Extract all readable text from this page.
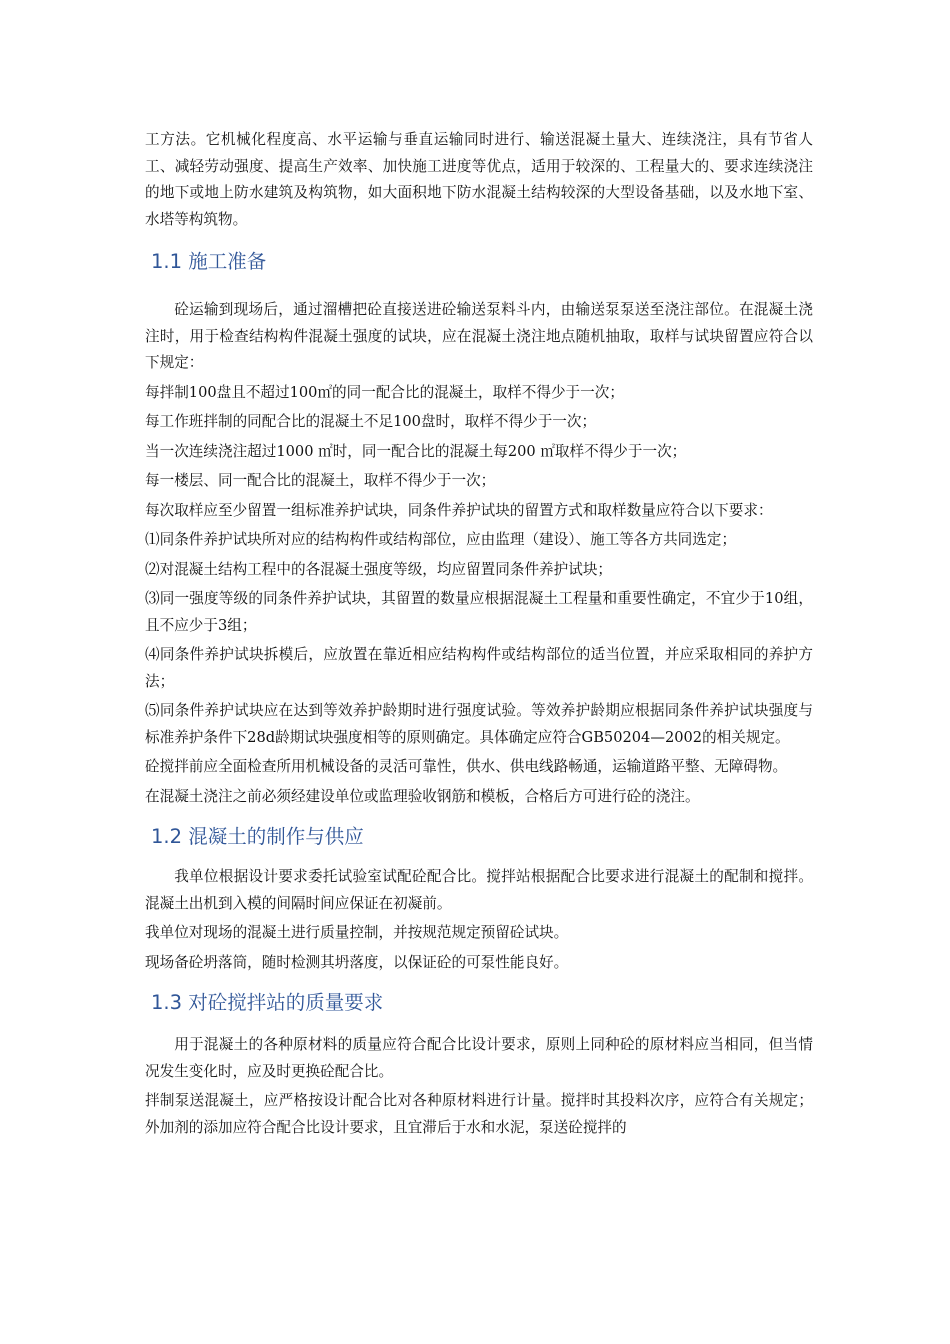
工方法。它机械化程度高、水平运输与垂直运输同时进行、输送混凝土量大、连续浇注，具有节省人工、减轻劳动强度、提高生产效率、加快施工进度等优点，适用于较深的、工程量大的、要求连续浇注的地下或地上防水建筑及构筑物，如大面积地下防水混凝土结构较深的大型设备基础，以及水地下室、水塔等构筑物。

1.1 施工准备

砼运输到现场后，通过溜槽把砼直接送进砼输送泵料斗内，由输送泵泵送至浇注部位。在混凝土浇注时，用于检查结构构件混凝土强度的试块，应在混凝土浇注地点随机抽取，取样与试块留置应符合以下规定：

每拌制100盘且不超过100㎡的同一配合比的混凝土，取样不得少于一次；

每工作班拌制的同配合比的混凝土不足100盘时，取样不得少于一次；

当一次连续浇注超过1000 ㎡时，同一配合比的混凝土每200 ㎡取样不得少于一次；

每一楼层、同一配合比的混凝土，取样不得少于一次；

每次取样应至少留置一组标准养护试块，同条件养护试块的留置方式和取样数量应符合以下要求：

⑴同条件养护试块所对应的结构构件或结构部位，应由监理（建设）、施工等各方共同选定；

⑵对混凝土结构工程中的各混凝土强度等级，均应留置同条件养护试块；

⑶同一强度等级的同条件养护试块，其留置的数量应根据混凝土工程量和重要性确定，不宜少于10组，且不应少于3组；

⑷同条件养护试块拆模后，应放置在靠近相应结构构件或结构部位的适当位置，并应采取相同的养护方法；

⑸同条件养护试块应在达到等效养护龄期时进行强度试验。等效养护龄期应根据同条件养护试块强度与标准养护条件下28d龄期试块强度相等的原则确定。具体确定应符合GB50204—2002的相关规定。

砼搅拌前应全面检查所用机械设备的灵活可靠性，供水、供电线路畅通，运输道路平整、无障碍物。

在混凝土浇注之前必须经建设单位或监理验收钢筋和模板，合格后方可进行砼的浇注。

1.2 混凝土的制作与供应

我单位根据设计要求委托试验室试配砼配合比。搅拌站根据配合比要求进行混凝土的配制和搅拌。混凝土出机到入模的间隔时间应保证在初凝前。

我单位对现场的混凝土进行质量控制，并按规范规定预留砼试块。

现场备砼坍落筒，随时检测其坍落度，以保证砼的可泵性能良好。

1.3 对砼搅拌站的质量要求

用于混凝土的各种原材料的质量应符合配合比设计要求，原则上同种砼的原材料应当相同，但当情况发生变化时，应及时更换砼配合比。

拌制泵送混凝土，应严格按设计配合比对各种原材料进行计量。搅拌时其投料次序，应符合有关规定；外加剂的添加应符合配合比设计要求，且宜滞后于水和水泥，泵送砼搅拌的
